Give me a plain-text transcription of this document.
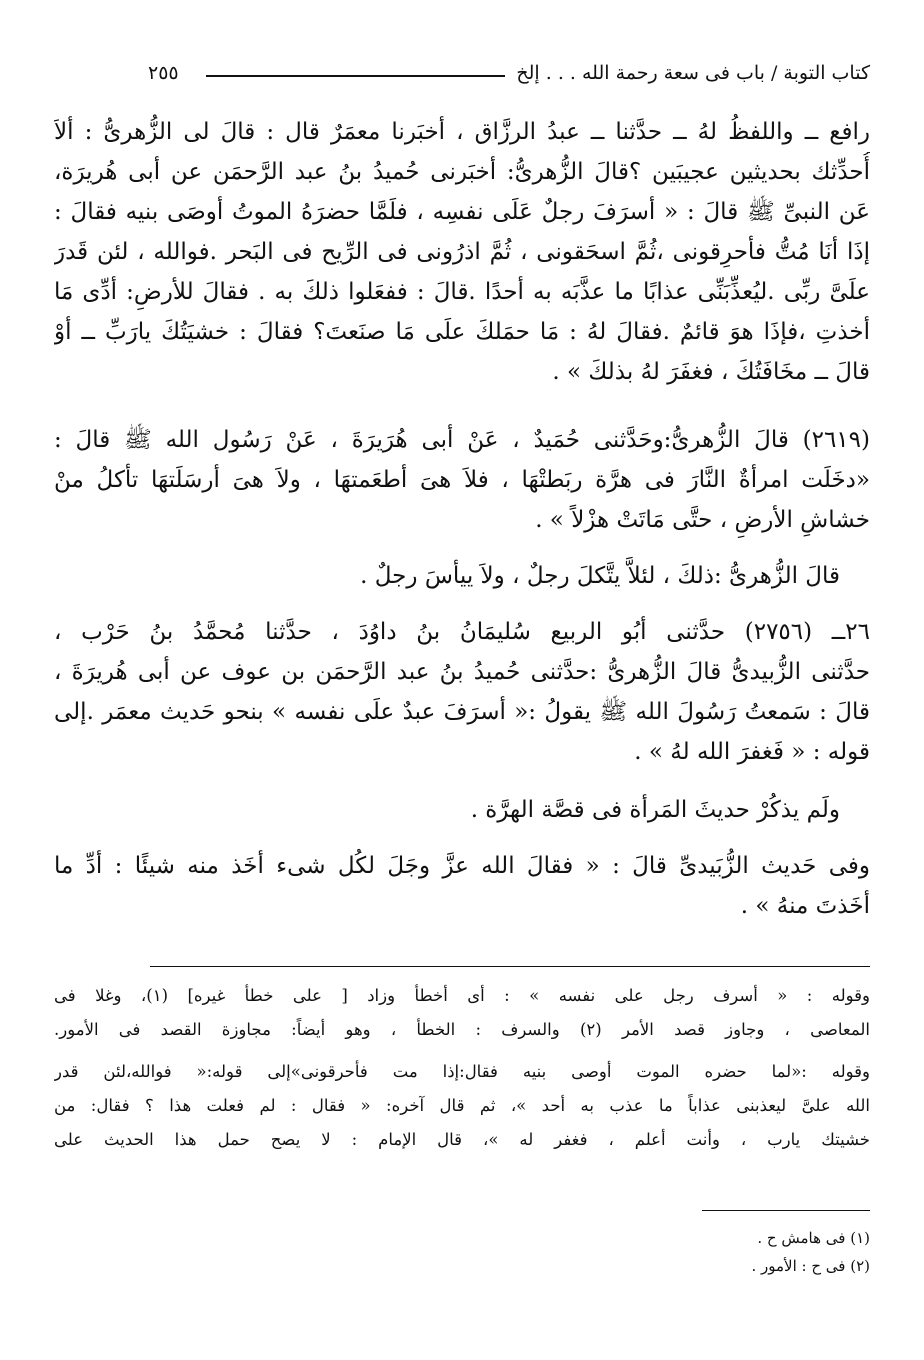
كتاب التوبة / باب فى سعة رحمة الله . . . إلخ
٢٥٥
رافع ــ واللفظُ لهُ ــ حدَّثنا ــ عبدُ الرزَّاق ، أخبَرنا معمَرٌ قال : قالَ لى الزُّهرىُّ : ألاَ
أُحدِّثك بحديثين عجيبَين ؟قالَ الزُّهرىُّ: أخبَرنى حُميدُ بنُ عبد الرَّحمَن عن أبى هُريرَة،
عَن النبىِّ ﷺ قالَ : « أسرَفَ رجلٌ عَلَى نفسِه ، فلَمَّا حضرَهُ الموتُ أوصَى بنيه فقالَ :
إذَا أنَا مُتُّ فأحرِقونى ،ثُمَّ اسحَقونى ، ثُمَّ اذرُونى فى الرِّيح فى البَحر .فوالله ، لئن قَدرَ
علَىَّ ربِّى .ليُعذِّبَنِّى عذابًا ما عذَّبَه به أحدًا .قالَ : ففعَلوا ذلكَ به . فقالَ للأرضِ: أدِّى مَا
أخذتِ ،فإذَا هوَ قائمٌ .فقالَ لهُ : مَا حمَلكَ علَى مَا صنَعتَ؟ فقالَ : خشيَتُكَ يارَبِّ ــ أوْ
قالَ ــ مخَافَتُكَ ، فغفَرَ لهُ بذلكَ » .
(٢٦١٩) قالَ الزُّهرىُّ:وحَدَّثنى حُمَيدٌ ، عَنْ أبى هُرَيرَةَ ، عَنْ رَسُول الله ﷺ قالَ :
«دخَلَت امرأةٌ النَّارَ فى هرَّة ربَطتْهَا ، فلاَ هىَ أطعَمتهَا ، ولاَ هىَ أرسَلَتهَا تأكلُ منْ
خشاشِ الأرضِ ، حتَّى مَاتَتْ هزْلاً » .
قالَ الزُّهرىُّ :ذلكَ ، لئلاَّ يتَّكلَ رجلٌ ، ولاَ ييأسَ رجلٌ .
٢٦ــ (٢٧٥٦) حدَّثنى أبُو الربيع سُليمَانُ بنُ داوُدَ ، حدَّثنا مُحمَّدُ بنُ حَرْب ،
حدَّثنى الزُّبيدىُّ قالَ الزُّهرىُّ :حدَّثنى حُميدُ بنُ عبد الرَّحمَن بن عوف عن أبى هُريرَةَ ،
قالَ : سَمعتُ رَسُولَ الله ﷺ يقولُ :« أسرَفَ عبدٌ علَى نفسه » بنحو حَديث معمَر .إلى
قوله : « فَغفرَ الله لهُ » .
ولَم يذكُرْ حديثَ المَرأة فى قصَّة الهرَّة .
وفى حَديث الزُّبَيدىِّ قالَ : « فقالَ الله عزَّ وجَلَ لكُل شىء أخَذ منه شيئًا : أدِّ ما
أخَذتَ منهُ » .
وقوله : « أسرف رجل على نفسه » : أى أخطأ وزاد [ على خطأ غيره] (١)، وغلا فى
المعاصى ، وجاوز قصد الأمر (٢) والسرف : الخطأ ، وهو أيضاً: مجاوزة القصد فى الأمور.
وقوله :«لما حضره الموت أوصى بنيه فقال:إذا مت فأحرقونى»إلى قوله:« فوالله،لئن قدر
الله علىَّ ليعذبنى عذاباً ما عذب به أحد »، ثم قال آخره: « فقال : لم فعلت هذا ؟ فقال: من
خشيتك يارب ، وأنت أعلم ، فغفر له »، قال الإمام : لا يصح حمل هذا الحديث على
(١) فى هامش ح .
(٢) فى ح : الأمور .
